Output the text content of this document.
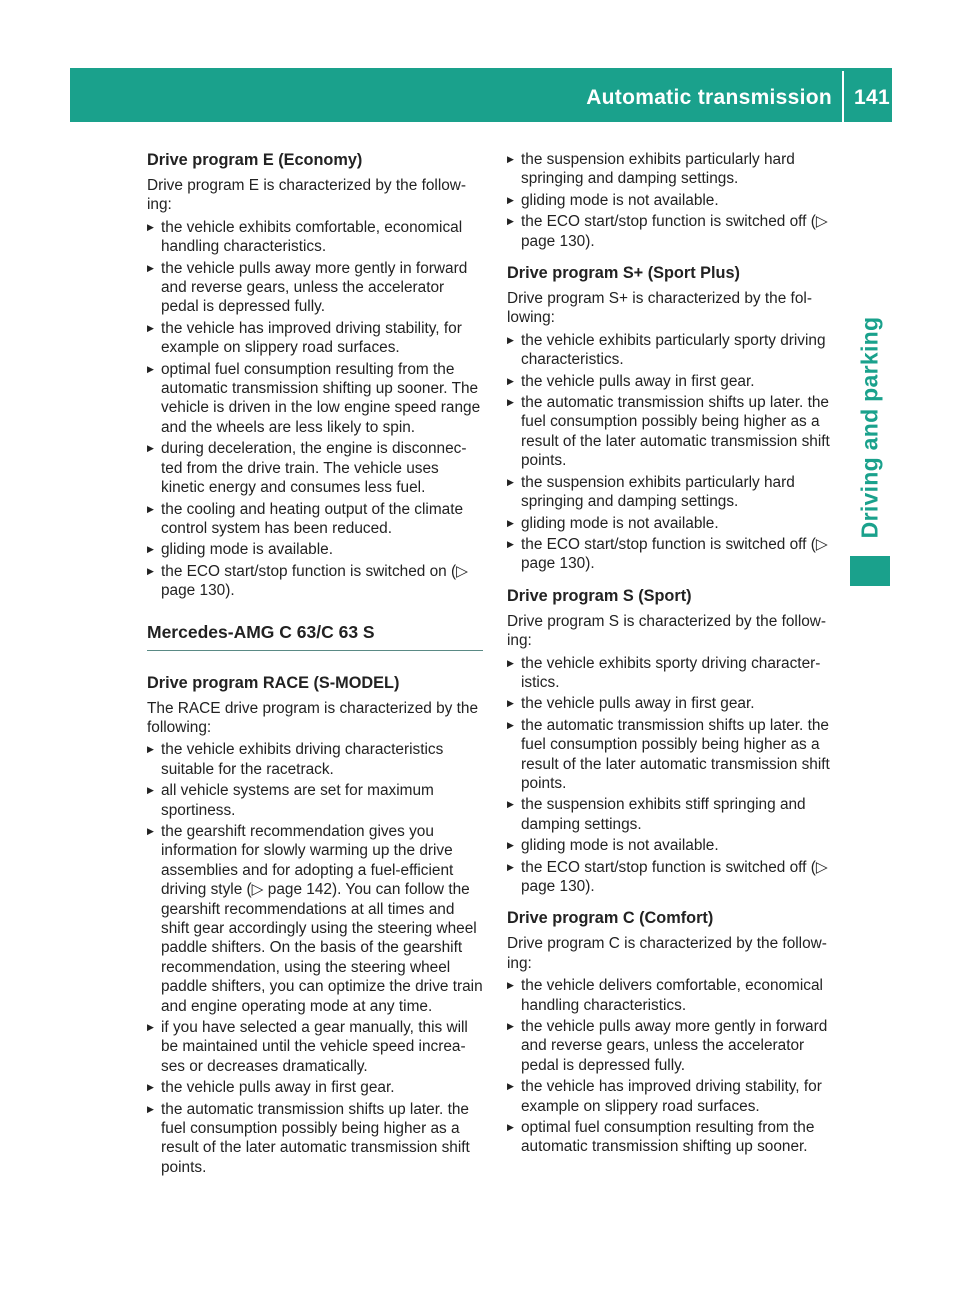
Automatic transmission 141
Driving and parking
Drive program E (Economy)

Drive program E is characterized by the follow-ing:

▶ the vehicle exhibits comfortable, economical handling characteristics.
▶ the vehicle pulls away more gently in forward and reverse gears, unless the accelerator pedal is depressed fully.
▶ the vehicle has improved driving stability, for example on slippery road surfaces.
▶ optimal fuel consumption resulting from the automatic transmission shifting up sooner. The vehicle is driven in the low engine speed range and the wheels are less likely to spin.
▶ during deceleration, the engine is disconnec-ted from the drive train. The vehicle uses kinetic energy and consumes less fuel.
▶ the cooling and heating output of the climate control system has been reduced.
▶ gliding mode is available.
▶ the ECO start/stop function is switched on (▷ page 130).
Mercedes-AMG C 63/C 63 S
Drive program RACE (S-MODEL)

The RACE drive program is characterized by the following:

▶ the vehicle exhibits driving characteristics suitable for the racetrack.
▶ all vehicle systems are set for maximum sportiness.
▶ the gearshift recommendation gives you information for slowly warming up the drive assemblies and for adopting a fuel-efficient driving style (▷ page 142). You can follow the gearshift recommendations at all times and shift gear accordingly using the steering wheel paddle shifters. On the basis of the gearshift recommendation, using the steering wheel paddle shifters, you can optimize the drive train and engine operating mode at any time.
▶ if you have selected a gear manually, this will be maintained until the vehicle speed increa-ses or decreases dramatically.
▶ the vehicle pulls away in first gear.
▶ the automatic transmission shifts up later. the fuel consumption possibly being higher as a result of the later automatic transmission shift points.
▶ the suspension exhibits particularly hard springing and damping settings.
▶ gliding mode is not available.
▶ the ECO start/stop function is switched off (▷ page 130).
Drive program S+ (Sport Plus)

Drive program S+ is characterized by the fol-lowing:

▶ the vehicle exhibits particularly sporty driving characteristics.
▶ the vehicle pulls away in first gear.
▶ the automatic transmission shifts up later. the fuel consumption possibly being higher as a result of the later automatic transmission shift points.
▶ the suspension exhibits particularly hard springing and damping settings.
▶ gliding mode is not available.
▶ the ECO start/stop function is switched off (▷ page 130).
Drive program S (Sport)

Drive program S is characterized by the follow-ing:

▶ the vehicle exhibits sporty driving character-istics.
▶ the vehicle pulls away in first gear.
▶ the automatic transmission shifts up later. the fuel consumption possibly being higher as a result of the later automatic transmission shift points.
▶ the suspension exhibits stiff springing and damping settings.
▶ gliding mode is not available.
▶ the ECO start/stop function is switched off (▷ page 130).
Drive program C (Comfort)

Drive program C is characterized by the follow-ing:

▶ the vehicle delivers comfortable, economical handling characteristics.
▶ the vehicle pulls away more gently in forward and reverse gears, unless the accelerator pedal is depressed fully.
▶ the vehicle has improved driving stability, for example on slippery road surfaces.
▶ optimal fuel consumption resulting from the automatic transmission shifting up sooner.
